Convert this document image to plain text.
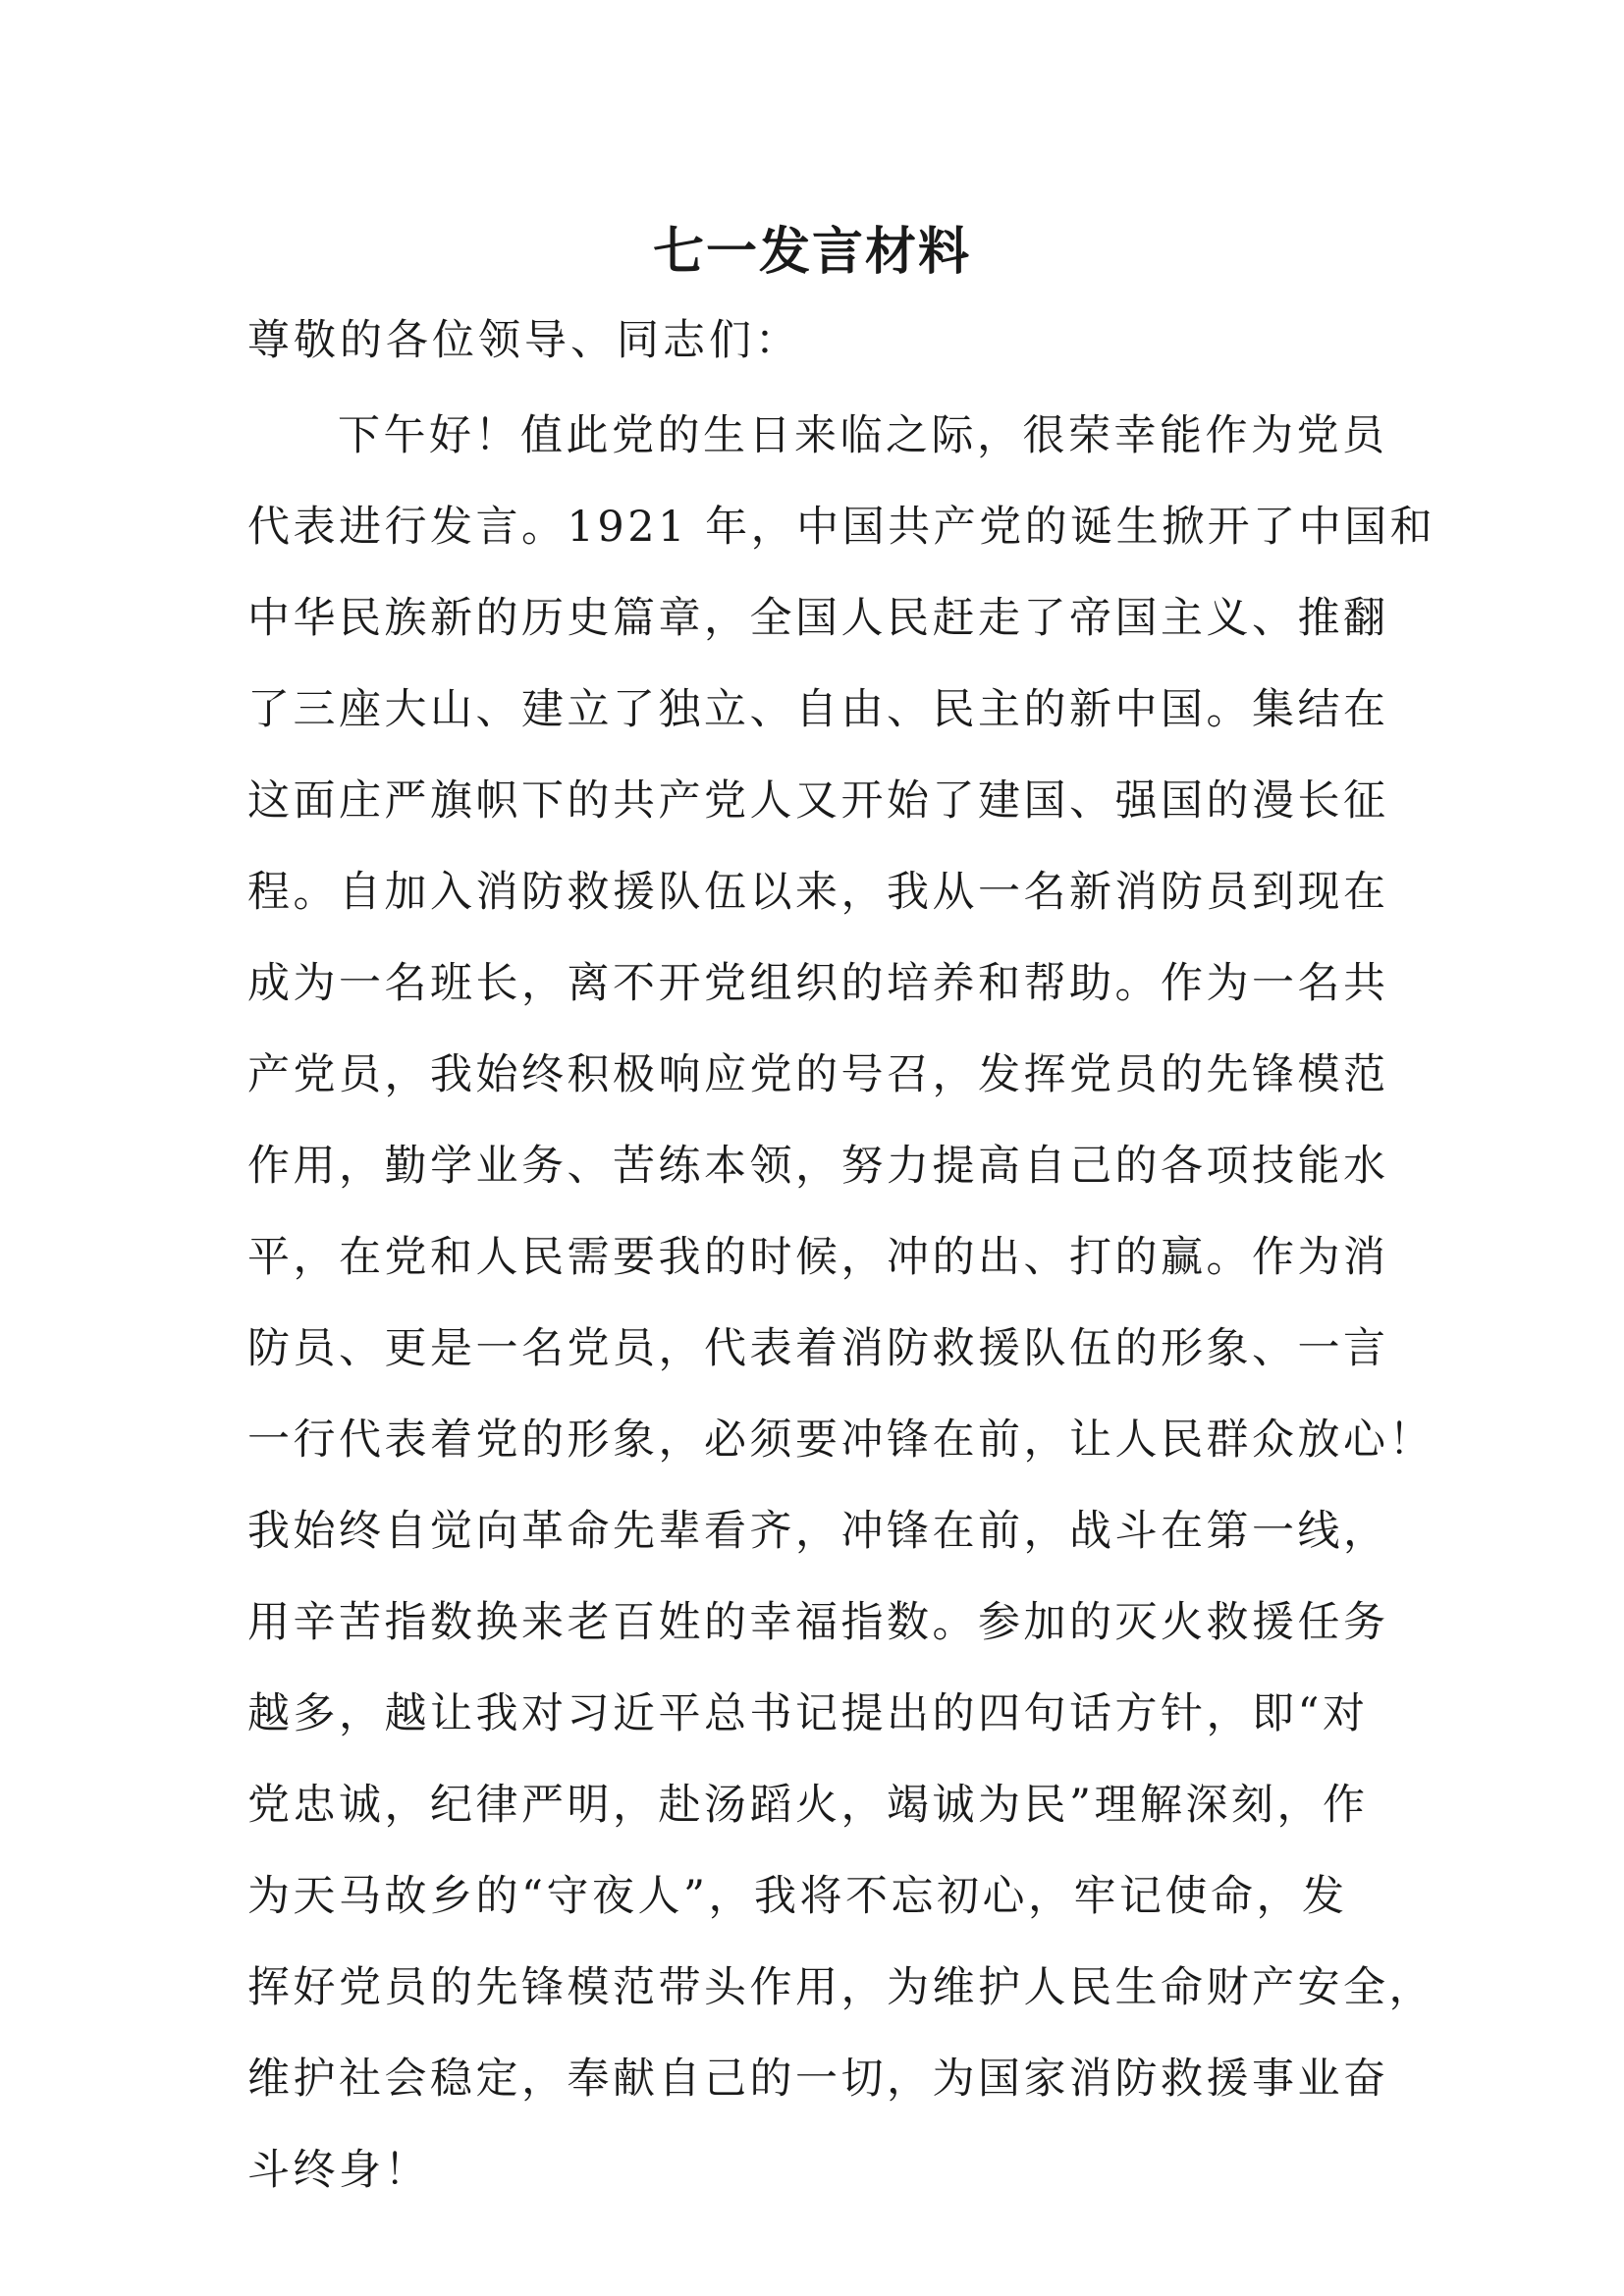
七一发言材料
尊敬的各位领导、同志们：
下午好！值此党的生日来临之际，很荣幸能作为党员
代表进行发言。1921 年，中国共产党的诞生掀开了中国和
中华民族新的历史篇章，全国人民赶走了帝国主义、推翻
了三座大山、建立了独立、自由、民主的新中国。集结在
这面庄严旗帜下的共产党人又开始了建国、强国的漫长征
程。自加入消防救援队伍以来，我从一名新消防员到现在
成为一名班长，离不开党组织的培养和帮助。作为一名共
产党员，我始终积极响应党的号召，发挥党员的先锋模范
作用，勤学业务、苦练本领，努力提高自己的各项技能水
平，在党和人民需要我的时候，冲的出、打的赢。作为消
防员、更是一名党员，代表着消防救援队伍的形象、一言
一行代表着党的形象，必须要冲锋在前，让人民群众放心！
我始终自觉向革命先辈看齐，冲锋在前，战斗在第一线，
用辛苦指数换来老百姓的幸福指数。参加的灭火救援任务
越多，越让我对习近平总书记提出的四句话方针，即“对
党忠诚，纪律严明，赴汤蹈火，竭诚为民”理解深刻，作
为天马故乡的“守夜人”，我将不忘初心，牢记使命，发
挥好党员的先锋模范带头作用，为维护人民生命财产安全，
维护社会稳定，奉献自己的一切，为国家消防救援事业奋
斗终身！
